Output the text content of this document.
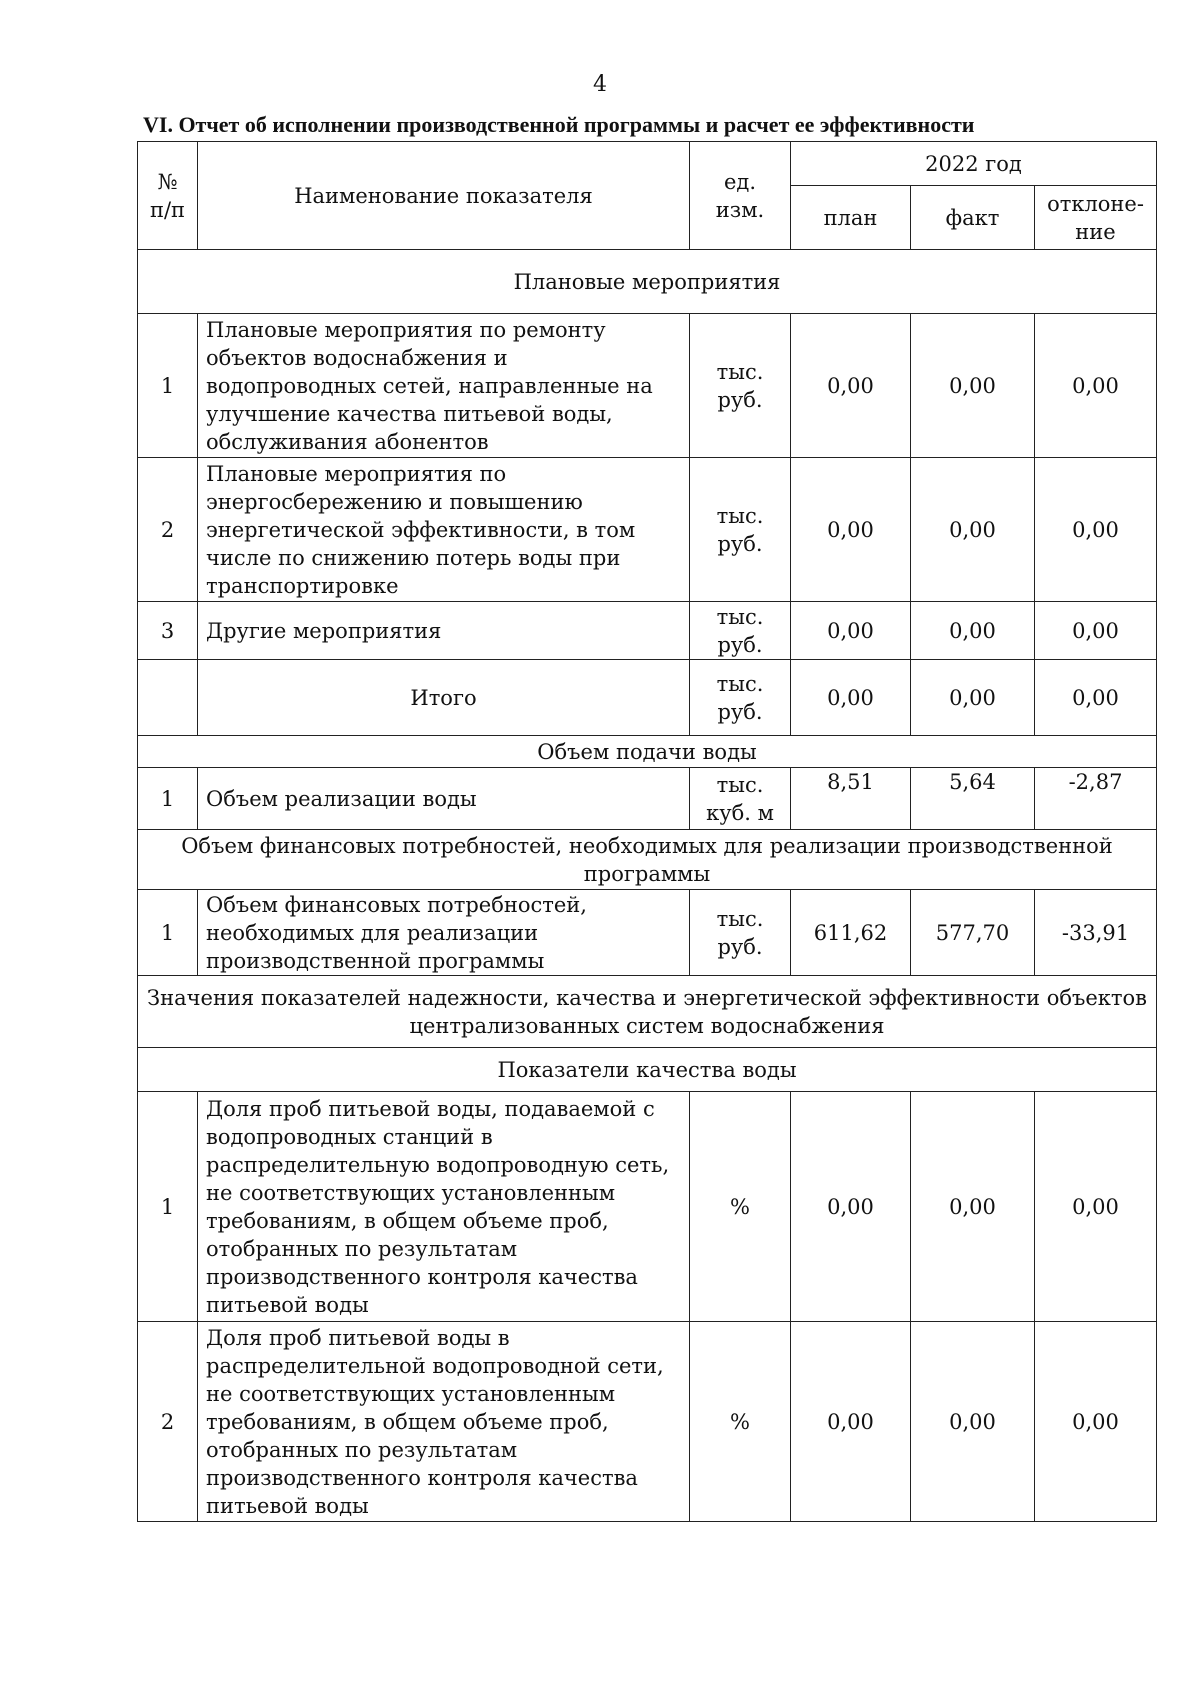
4
VI. Отчет об исполнении производственной программы и расчет ее эффективности
№ п/п	Наименование показателя	ед. изм.	2022 год		
			план	факт	отклоне-ние
Плановые мероприятия					
1	Плановые мероприятия по ремонту объектов водоснабжения и водопроводных сетей, направленные на улучшение качества питьевой воды, обслуживания абонентов	тыс. руб.	0,00	0,00	0,00
2	Плановые мероприятия по энергосбережению и повышению энергетической эффективности, в том числе по снижению потерь воды при транспортировке	тыс. руб.	0,00	0,00	0,00
3	Другие мероприятия	тыс. руб.	0,00	0,00	0,00
	Итого	тыс. руб.	0,00	0,00	0,00
Объем подачи воды					
1	Объем реализации воды	тыс. куб. м	8,51	5,64	-2,87
Объем финансовых потребностей, необходимых для реализации производственной программы					
1	Объем финансовых потребностей, необходимых для реализации производственной программы	тыс. руб.	611,62	577,70	-33,91
Значения показателей надежности, качества и энергетической эффективности объектов централизованных систем водоснабжения					
Показатели качества воды					
1	Доля проб питьевой воды, подаваемой с водопроводных станций в распределительную водопроводную сеть, не соответствующих установленным требованиям, в общем объеме проб, отобранных по результатам производственного контроля качества питьевой воды	%	0,00	0,00	0,00
2	Доля проб питьевой воды в распределительной водопроводной сети, не соответствующих установленным требованиям, в общем объеме проб, отобранных по результатам производственного контроля качества питьевой воды	%	0,00	0,00	0,00
